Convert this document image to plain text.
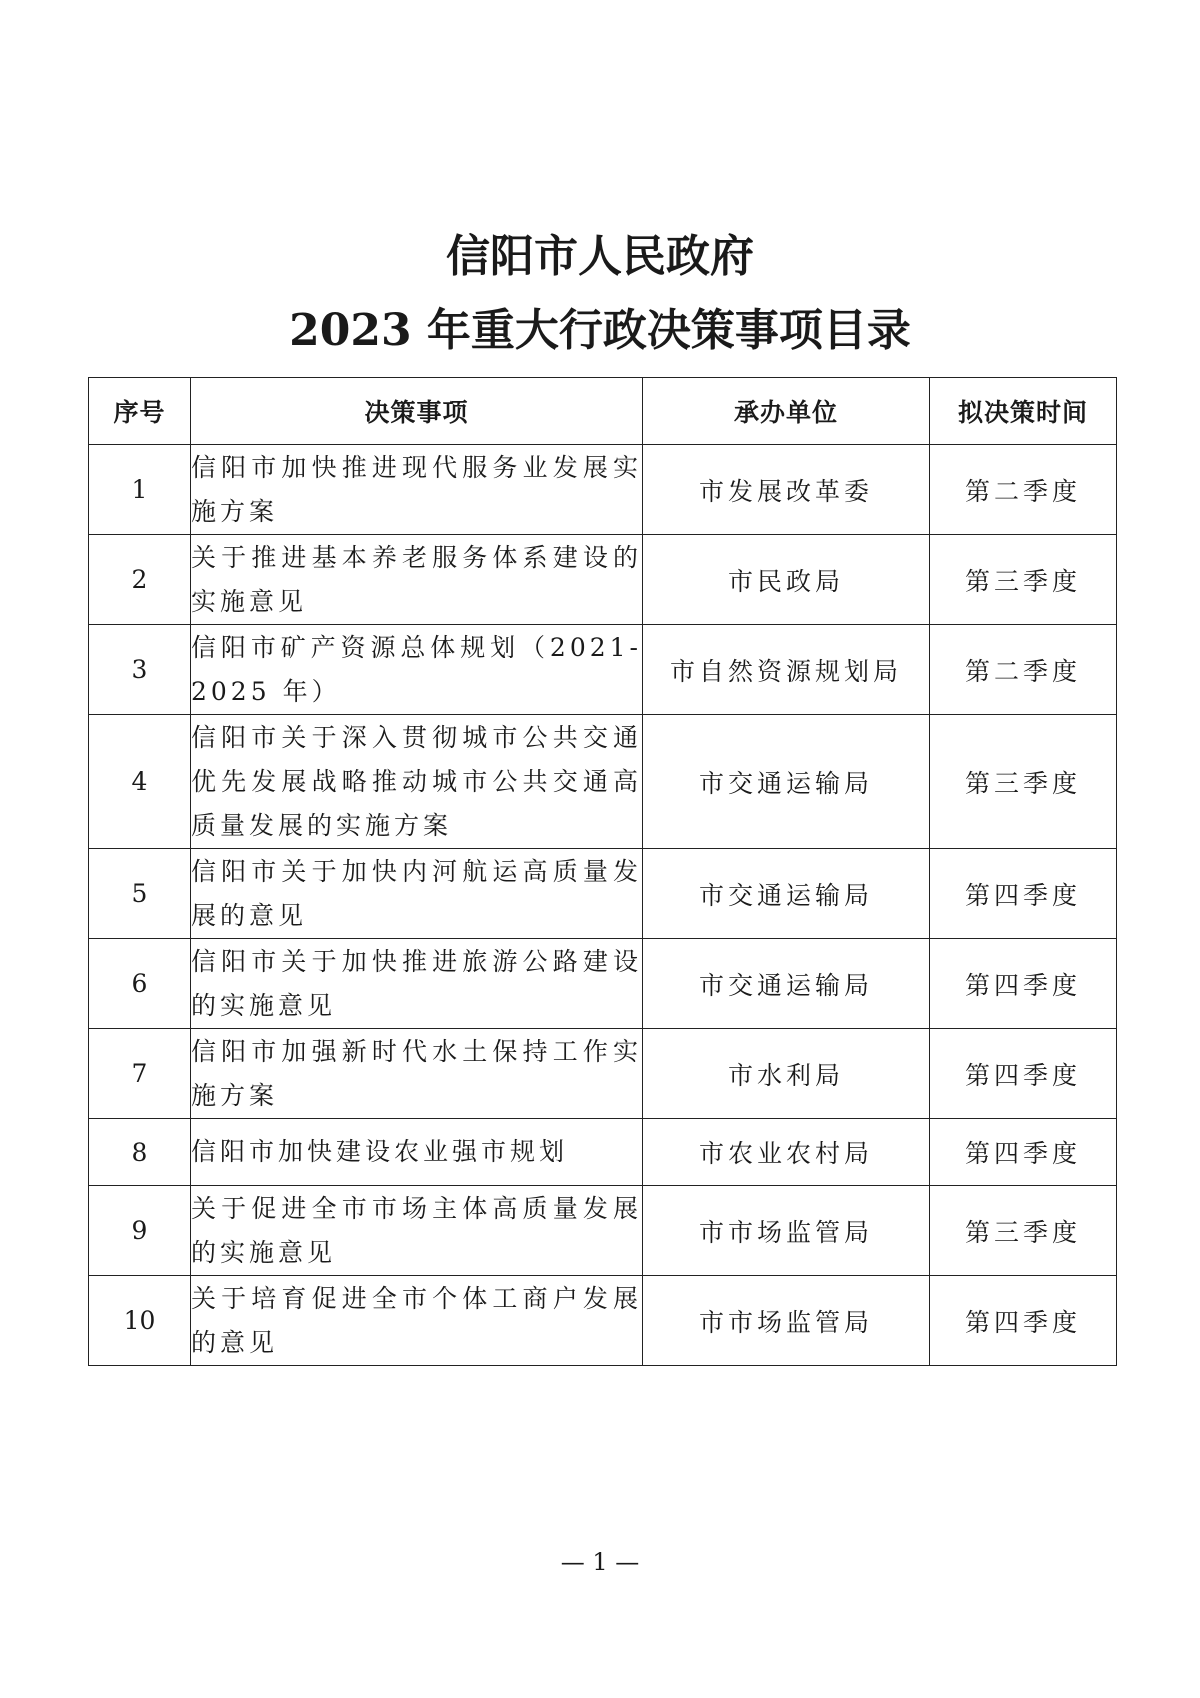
信阳市人民政府
2023 年重大行政决策事项目录
序号	决策事项	承办单位	拟决策时间
1	信阳市加快推进现代服务业发展实施方案	市发展改革委	第二季度
2	关于推进基本养老服务体系建设的实施意见	市民政局	第三季度
3	信阳市矿产资源总体规划（2021-2025 年）	市自然资源规划局	第二季度
4	信阳市关于深入贯彻城市公共交通优先发展战略推动城市公共交通高质量发展的实施方案	市交通运输局	第三季度
5	信阳市关于加快内河航运高质量发展的意见	市交通运输局	第四季度
6	信阳市关于加快推进旅游公路建设的实施意见	市交通运输局	第四季度
7	信阳市加强新时代水土保持工作实施方案	市水利局	第四季度
8	信阳市加快建设农业强市规划	市农业农村局	第四季度
9	关于促进全市市场主体高质量发展的实施意见	市市场监管局	第三季度
10	关于培育促进全市个体工商户发展的意见	市市场监管局	第四季度
— 1 —
